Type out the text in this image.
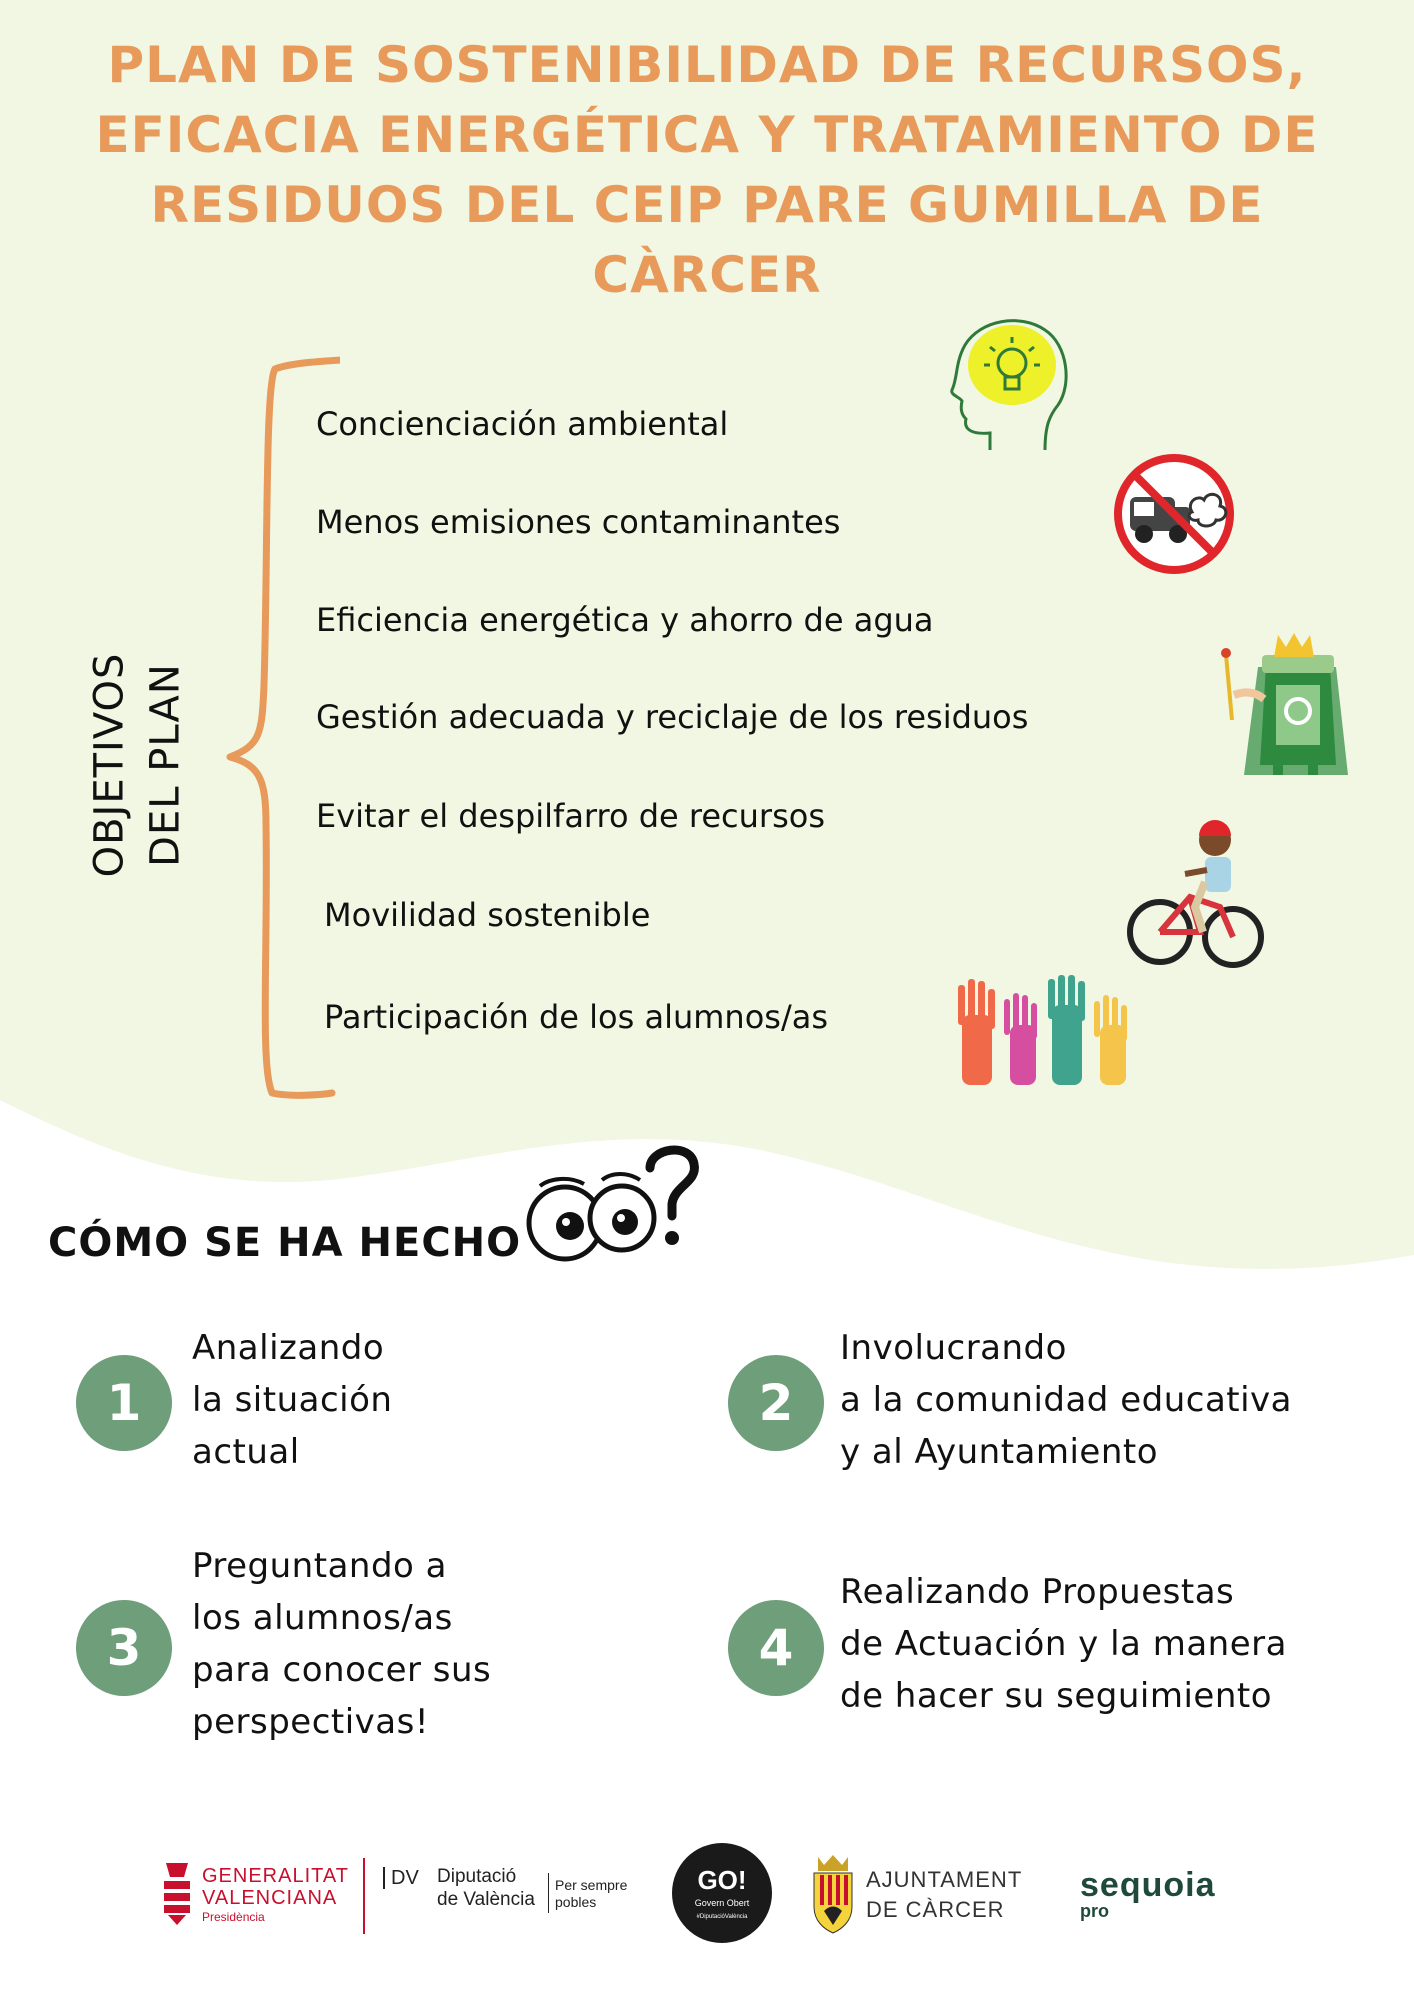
PLAN DE SOSTENIBILIDAD DE RECURSOS, EFICACIA ENERGÉTICA Y TRATAMIENTO DE RESIDUOS DEL CEIP PARE GUMILLA DE CÀRCER
OBJETIVOS DEL PLAN
Concienciación ambiental
Menos emisiones contaminantes
Eficiencia energética y ahorro de agua
Gestión adecuada y reciclaje de los residuos
Evitar el despilfarro de recursos
Movilidad sostenible
Participación de los alumnos/as
CÓMO SE HA HECHO
1
Analizando
la situación
actual
2
Involucrando
a la comunidad educativa
y al Ayuntamiento
3
Preguntando a
los alumnos/as
para conocer sus
perspectivas!
4
Realizando Propuestas
de Actuación y la manera
de hacer su seguimiento
GENERALITAT
VALENCIANA
Presidència
DV Diputació
de València
Per sempre
pobles
GO!
Govern Obert
#DiputacióValència
AJUNTAMENT
DE CÀRCER
sequoia
pro
